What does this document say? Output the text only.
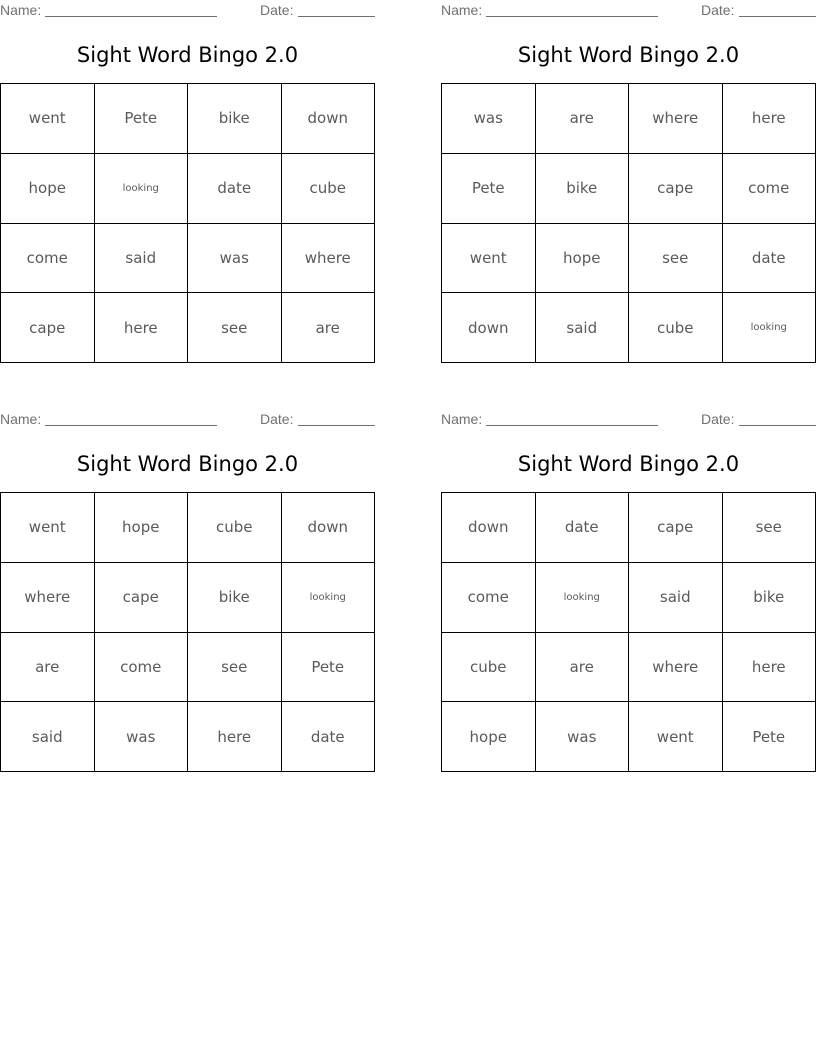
Name:	Date:
Sight Word Bingo 2.0
went	Pete	bike	down
hope	looking	date	cube
come	said	was	where
cape	here	see	are
Name:	Date:
Sight Word Bingo 2.0
was	are	where	here
Pete	bike	cape	come
went	hope	see	date
down	said	cube	looking
Name:	Date:
Sight Word Bingo 2.0
went	hope	cube	down
where	cape	bike	looking
are	come	see	Pete
said	was	here	date
Name:	Date:
Sight Word Bingo 2.0
down	date	cape	see
come	looking	said	bike
cube	are	where	here
hope	was	went	Pete
